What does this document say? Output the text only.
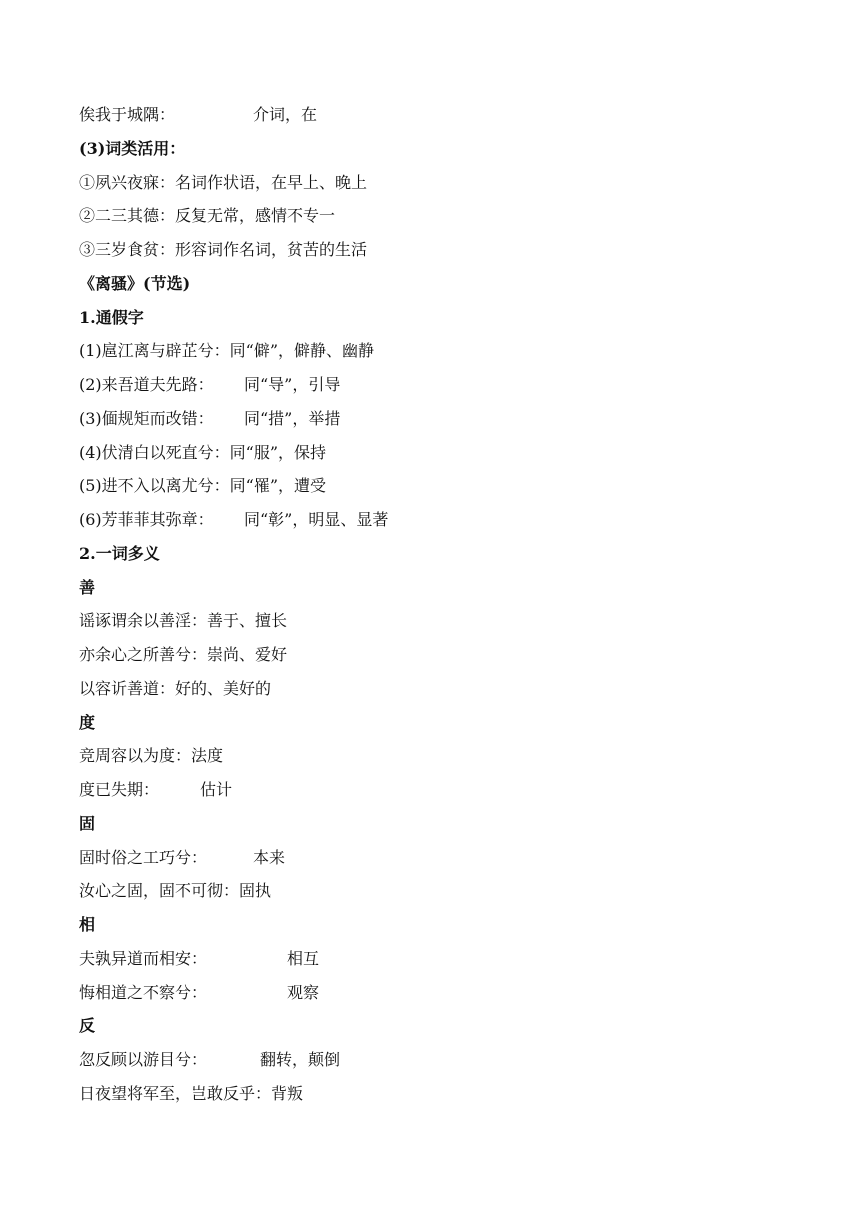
俟我于城隅：	介词，在
(3)词类活用：
①夙兴夜寐：名词作状语，在早上、晚上
②二三其德：反复无常，感情不专一
③三岁食贫：形容词作名词，贫苦的生活
《离骚》(节选)
1.通假字
(1)扈江离与辟芷兮：同“僻”，僻静、幽静
(2)来吾道夫先路： 同“导”，引导
(3)偭规矩而改错： 同“措”，举措
(4)伏清白以死直兮：同“服”，保持
(5)进不入以离尤兮：同“罹”，遭受
(6)芳菲菲其弥章： 同“彰”，明显、显著
2.一词多义
善
谣诼谓余以善淫：善于、擅长
亦余心之所善兮：崇尚、爱好
以容䜣善道：好的、美好的
度
竞周容以为度：法度
度已失期：	估计
固
固时俗之工巧兮：	本来
汝心之固，固不可彻：固执
相
夫孰异道而相安：	相互
悔相道之不察兮：	观察
反
忽反顾以游目兮：	翻转，颠倒
日夜望将军至，岂敢反乎：背叛
